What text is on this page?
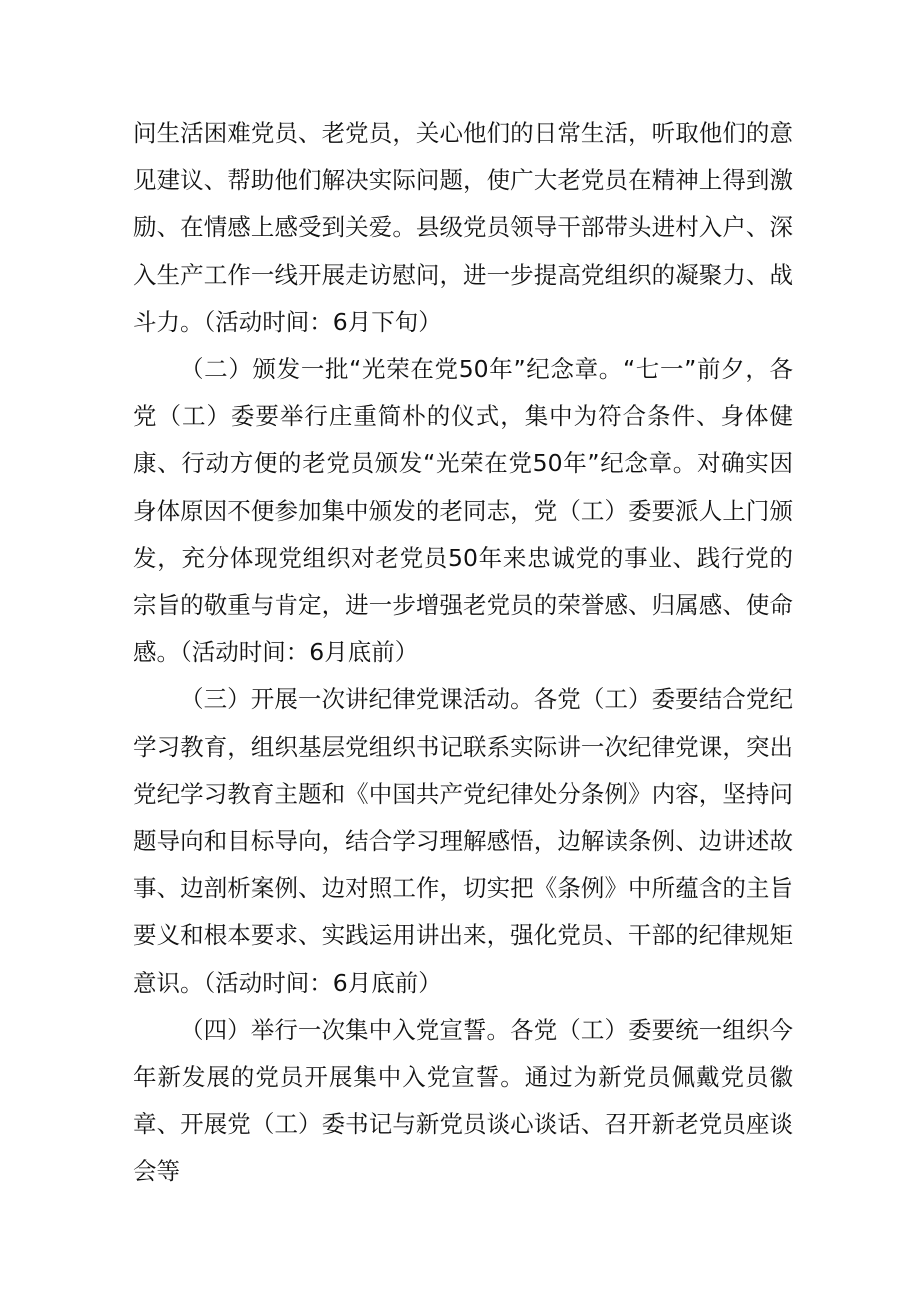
问生活困难党员、老党员，关心他们的日常生活，听取他们的意见建议、帮助他们解决实际问题，使广大老党员在精神上得到激励、在情感上感受到关爱。县级党员领导干部带头进村入户、深入生产工作一线开展走访慰问，进一步提高党组织的凝聚力、战斗力。（活动时间：6月下旬）

（二）颁发一批“光荣在党50年”纪念章。“七一”前夕，各党（工）委要举行庄重简朴的仪式，集中为符合条件、身体健康、行动方便的老党员颁发“光荣在党50年”纪念章。对确实因身体原因不便参加集中颁发的老同志，党（工）委要派人上门颁发，充分体现党组织对老党员50年来忠诚党的事业、践行党的宗旨的敬重与肯定，进一步增强老党员的荣誉感、归属感、使命感。（活动时间：6月底前）

（三）开展一次讲纪律党课活动。各党（工）委要结合党纪学习教育，组织基层党组织书记联系实际讲一次纪律党课，突出党纪学习教育主题和《中国共产党纪律处分条例》内容，坚持问题导向和目标导向，结合学习理解感悟，边解读条例、边讲述故事、边剖析案例、边对照工作，切实把《条例》中所蕴含的主旨要义和根本要求、实践运用讲出来，强化党员、干部的纪律规矩意识。（活动时间：6月底前）

（四）举行一次集中入党宣誓。各党（工）委要统一组织今年新发展的党员开展集中入党宣誓。通过为新党员佩戴党员徽章、开展党（工）委书记与新党员谈心谈话、召开新老党员座谈会等
